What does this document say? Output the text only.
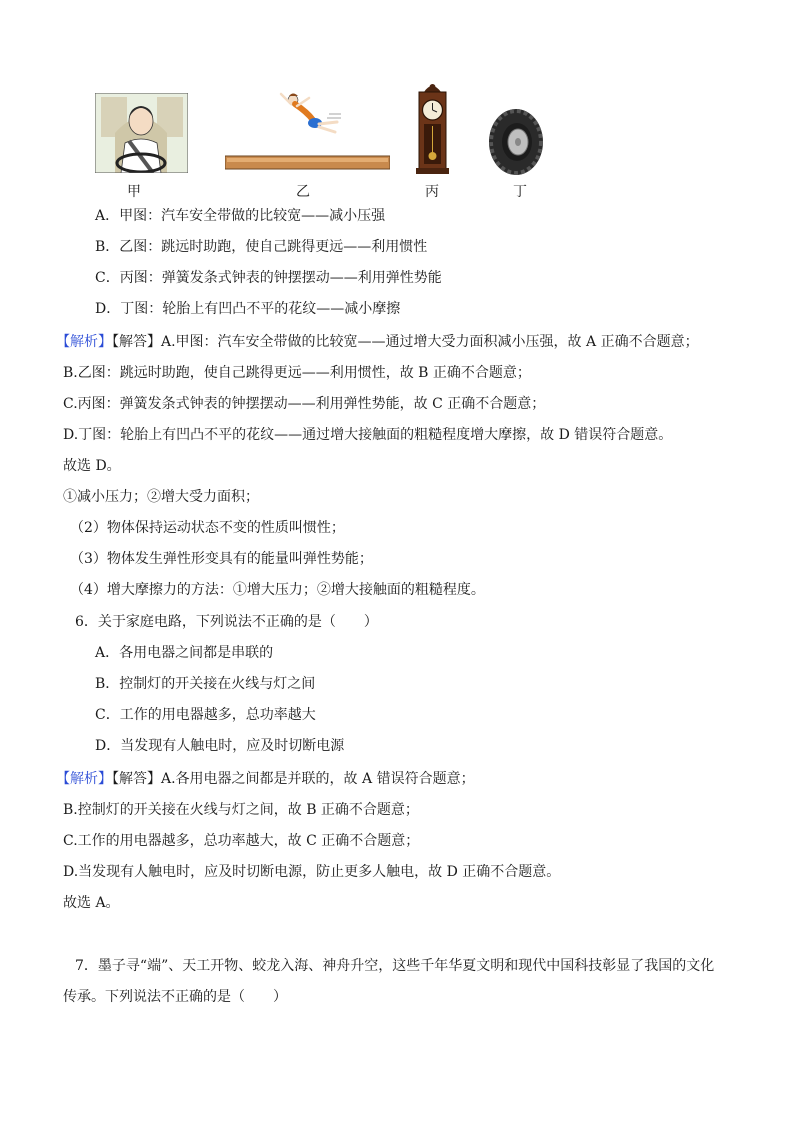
甲	乙	丙	丁
A．甲图：汽车安全带做的比较宽——减小压强
B．乙图：跳远时助跑，使自己跳得更远——利用惯性
C．丙图：弹簧发条式钟表的钟摆摆动——利用弹性势能
D．丁图：轮胎上有凹凸不平的花纹——减小摩擦
【解析】【解答】A.甲图：汽车安全带做的比较宽——通过增大受力面积减小压强，故 A 正确不合题意；
B.乙图：跳远时助跑，使自己跳得更远——利用惯性，故 B 正确不合题意；
C.丙图：弹簧发条式钟表的钟摆摆动——利用弹性势能，故 C 正确不合题意；
D.丁图：轮胎上有凹凸不平的花纹——通过增大接触面的粗糙程度增大摩擦，故 D 错误符合题意。
故选 D。
①减小压力；②增大受力面积；
（2）物体保持运动状态不变的性质叫惯性；
（3）物体发生弹性形变具有的能量叫弹性势能；
（4）增大摩擦力的方法：①增大压力；②增大接触面的粗糙程度。
6．关于家庭电路，下列说法不正确的是（　　）
A．各用电器之间都是串联的
B．控制灯的开关接在火线与灯之间
C．工作的用电器越多，总功率越大
D．当发现有人触电时，应及时切断电源
【解析】【解答】A.各用电器之间都是并联的，故 A 错误符合题意；
B.控制灯的开关接在火线与灯之间，故 B 正确不合题意；
C.工作的用电器越多，总功率越大，故 C 正确不合题意；
D.当发现有人触电时，应及时切断电源，防止更多人触电，故 D 正确不合题意。
故选 A。
7．墨子寻“端”、天工开物、蛟龙入海、神舟升空，这些千年华夏文明和现代中国科技彰显了我国的文化
传承。下列说法不正确的是（　　）
